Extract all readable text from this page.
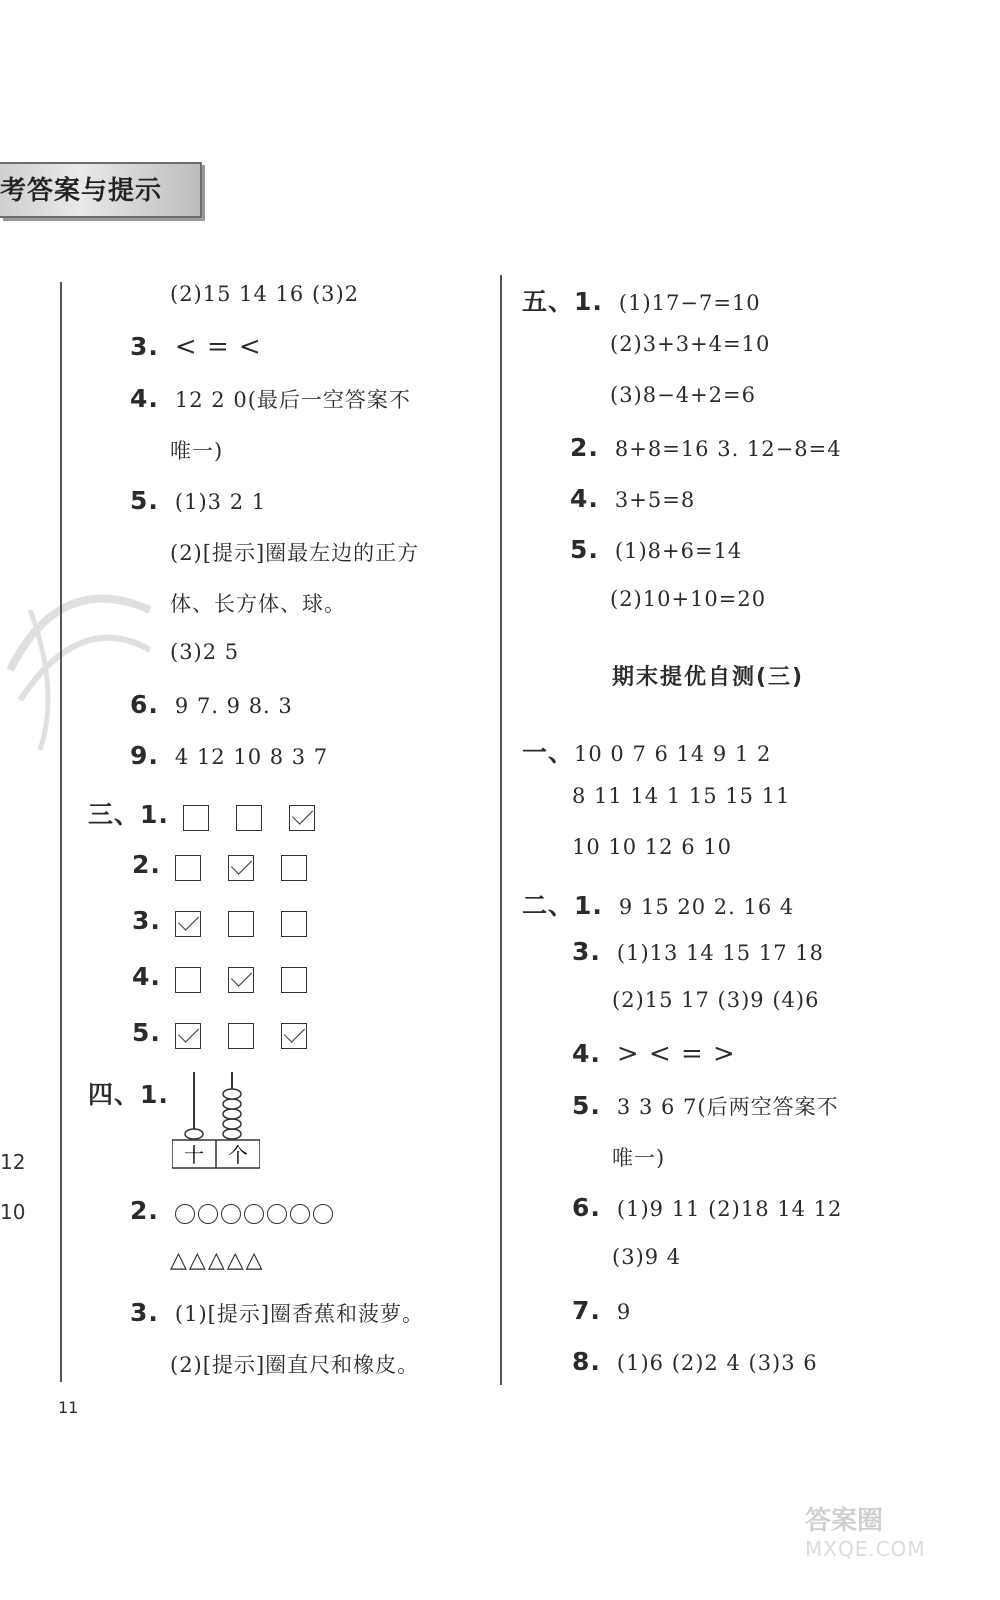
考答案与提示
12
10
(2)15 14 16 (3)2
3. < = <
4. 12 2 0(最后一空答案不
唯一)
5. (1)3 2 1
(2)[提示]圈最左边的正方
体、长方体、球。
(3)2 5
6. 9 7. 9 8. 3
9. 4 12 10 8 3 7
三、1.
2.
3.
4.
5.
四、1.
十 个
2.
△△△△△
3. (1)[提示]圈香蕉和菠萝。
(2)[提示]圈直尺和橡皮。
五、1. (1)17−7=10
(2)3+3+4=10
(3)8−4+2=6
2. 8+8=16 3. 12−8=4
4. 3+5=8
5. (1)8+6=14
(2)10+10=20
期末提优自测(三)
一、10 0 7 6 14 9 1 2
8 11 14 1 15 15 11
10 10 12 6 10
二、1. 9 15 20 2. 16 4
3. (1)13 14 15 17 18
(2)15 17 (3)9 (4)6
4. > < = >
5. 3 3 6 7(后两空答案不
唯一)
6. (1)9 11 (2)18 14 12
(3)9 4
7. 9
8. (1)6 (2)2 4 (3)3 6
11
答案圈
MXQE.COM
